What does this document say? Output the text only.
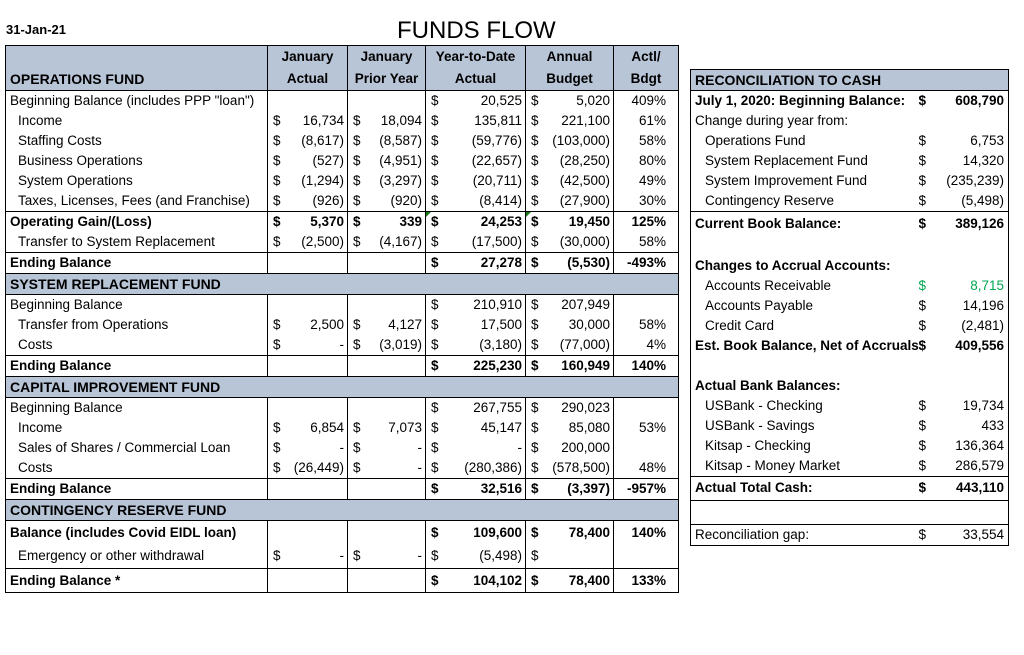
31-Jan-21	FUNDS FLOW
	January		January		Year-to-Date		Annual		Actl/
OPERATIONS FUND	Actual		Prior Year		Actual		Budget		Bdgt
Beginning Balance (includes PPP "loan")					$	20,525	$	5,020	409%
Income	$	16,734	$	18,094	$	135,811	$	221,100	61%
Staffing Costs	$	(8,617)	$	(8,587)	$	(59,776)	$	(103,000)	58%
Business Operations	$	(527)	$	(4,951)	$	(22,657)	$	(28,250)	80%
System Operations	$	(1,294)	$	(3,297)	$	(20,711)	$	(42,500)	49%
Taxes, Licenses, Fees (and Franchise)	$	(926)	$	(920)	$	(8,414)	$	(27,900)	30%
Operating Gain/(Loss)	$	5,370	$	339	$	24,253	$	19,450	125%
Transfer to System Replacement	$	(2,500)	$	(4,167)	$	(17,500)	$	(30,000)	58%
Ending Balance					$	27,278	$	(5,530)	-493%
SYSTEM REPLACEMENT FUND									
Beginning Balance					$	210,910	$	207,949	
Transfer from Operations	$	2,500	$	4,127	$	17,500	$	30,000	58%
Costs	$	-	$	(3,019)	$	(3,180)	$	(77,000)	4%
Ending Balance					$	225,230	$	160,949	140%
CAPITAL IMPROVEMENT FUND									
Beginning Balance					$	267,755	$	290,023	
Income	$	6,854	$	7,073	$	45,147	$	85,080	53%
Sales of Shares / Commercial Loan	$	-	$	-	$	-	$	200,000	
Costs	$	(26,449)	$	-	$	(280,386)	$	(578,500)	48%
Ending Balance					$	32,516	$	(3,397)	-957%
CONTINGENCY RESERVE FUND									
Balance (includes Covid EIDL loan)					$	109,600	$	78,400	140%
Emergency or other withdrawal	$	-	$	-	$	(5,498)	$		
Ending Balance *					$	104,102	$	78,400	133%
RECONCILIATION TO CASH		
July 1, 2020: Beginning Balance:	$	608,790
Change during year from:		
Operations Fund	$	6,753
System Replacement Fund	$	14,320
System Improvement Fund	$	(235,239)
Contingency Reserve	$	(5,498)
Current Book Balance:	$	389,126

Changes to Accrual Accounts:		
Accounts Receivable	$	8,715
Accounts Payable	$	14,196
Credit Card	$	(2,481)
Est. Book Balance, Net of Accruals	$	409,556

Actual Bank Balances:		
USBank - Checking	$	19,734
USBank - Savings	$	433
Kitsap - Checking	$	136,364
Kitsap - Money Market	$	286,579
Actual Total Cash:	$	443,110

Reconciliation gap:	$	33,554
